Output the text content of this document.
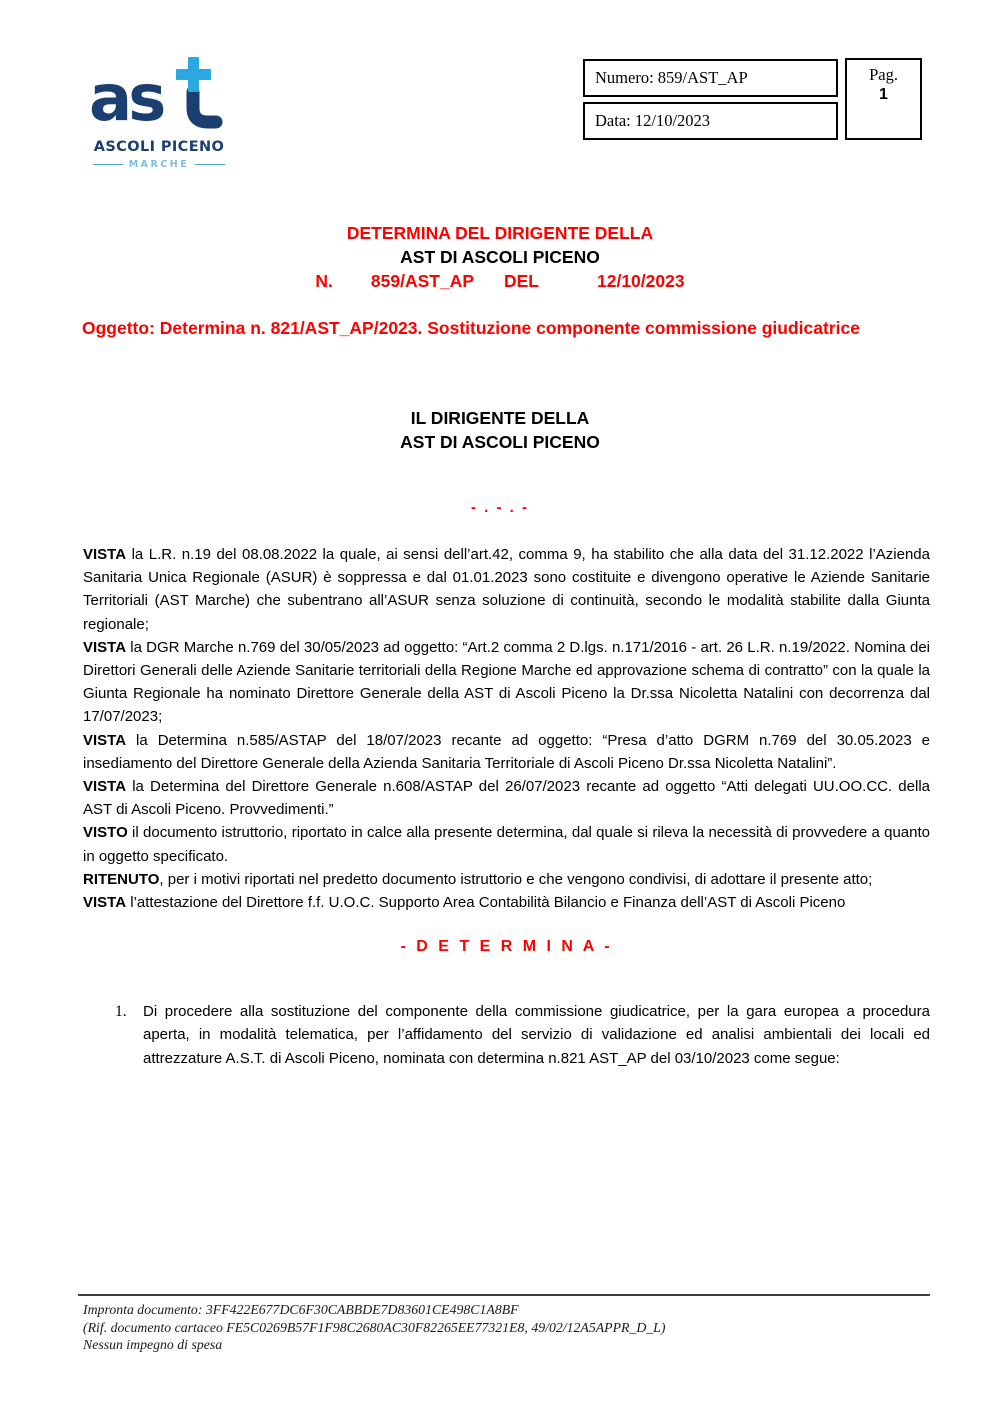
as
ASCOLI PICENO
MARCHE
Numero: 859/AST_AP
Data: 12/10/2023
Pag.
1
DETERMINA DEL DIRIGENTE DELLA
AST DI ASCOLI PICENO
N. 859/AST_AP DEL	12/10/2023
Oggetto: Determina n. 821/AST_AP/2023. Sostituzione componente commissione giudicatrice
IL DIRIGENTE DELLA
AST DI ASCOLI PICENO
- . - . -

VISTA la L.R. n.19 del 08.08.2022 la quale, ai sensi dell’art.42, comma 9, ha stabilito che alla data del 31.12.2022 l’Azienda Sanitaria Unica Regionale (ASUR) è soppressa e dal 01.01.2023 sono costituite e divengono operative le Aziende Sanitarie Territoriali (AST Marche) che subentrano all’ASUR senza soluzione di continuità, secondo le modalità stabilite dalla Giunta regionale;

VISTA la DGR Marche n.769 del 30/05/2023 ad oggetto: “Art.2 comma 2 D.lgs. n.171/2016 - art. 26 L.R. n.19/2022. Nomina dei Direttori Generali delle Aziende Sanitarie territoriali della Regione Marche ed approvazione schema di contratto” con la quale la Giunta Regionale ha nominato Direttore Generale della AST di Ascoli Piceno la Dr.ssa Nicoletta Natalini con decorrenza dal 17/07/2023;

VISTA la Determina n.585/ASTAP del 18/07/2023 recante ad oggetto: “Presa d’atto DGRM n.769 del 30.05.2023 e insediamento del Direttore Generale della Azienda Sanitaria Territoriale di Ascoli Piceno Dr.ssa Nicoletta Natalini”.

VISTA la Determina del Direttore Generale n.608/ASTAP del 26/07/2023 recante ad oggetto “Atti delegati UU.OO.CC. della AST di Ascoli Piceno. Provvedimenti.”

VISTO il documento istruttorio, riportato in calce alla presente determina, dal quale si rileva la necessità di provvedere a quanto in oggetto specificato.

RITENUTO, per i motivi riportati nel predetto documento istruttorio e che vengono condivisi, di adottare il presente atto;

VISTA l’attestazione del Direttore f.f. U.O.C. Supporto Area Contabilità Bilancio e Finanza dell’AST di Ascoli Piceno

- D E T E R M I N A -
1.	Di procedere alla sostituzione del componente della commissione giudicatrice, per la gara europea a procedura aperta, in modalità telematica, per l’affidamento del servizio di validazione ed analisi ambientali dei locali ed attrezzature A.S.T. di Ascoli Piceno, nominata con determina n.821 AST_AP del 03/10/2023 come segue:
Impronta documento: 3FF422E677DC6F30CABBDE7D83601CE498C1A8BF
(Rif. documento cartaceo FE5C0269B57F1F98C2680AC30F82265EE77321E8, 49/02/12A5APPR_D_L)
Nessun impegno di spesa
